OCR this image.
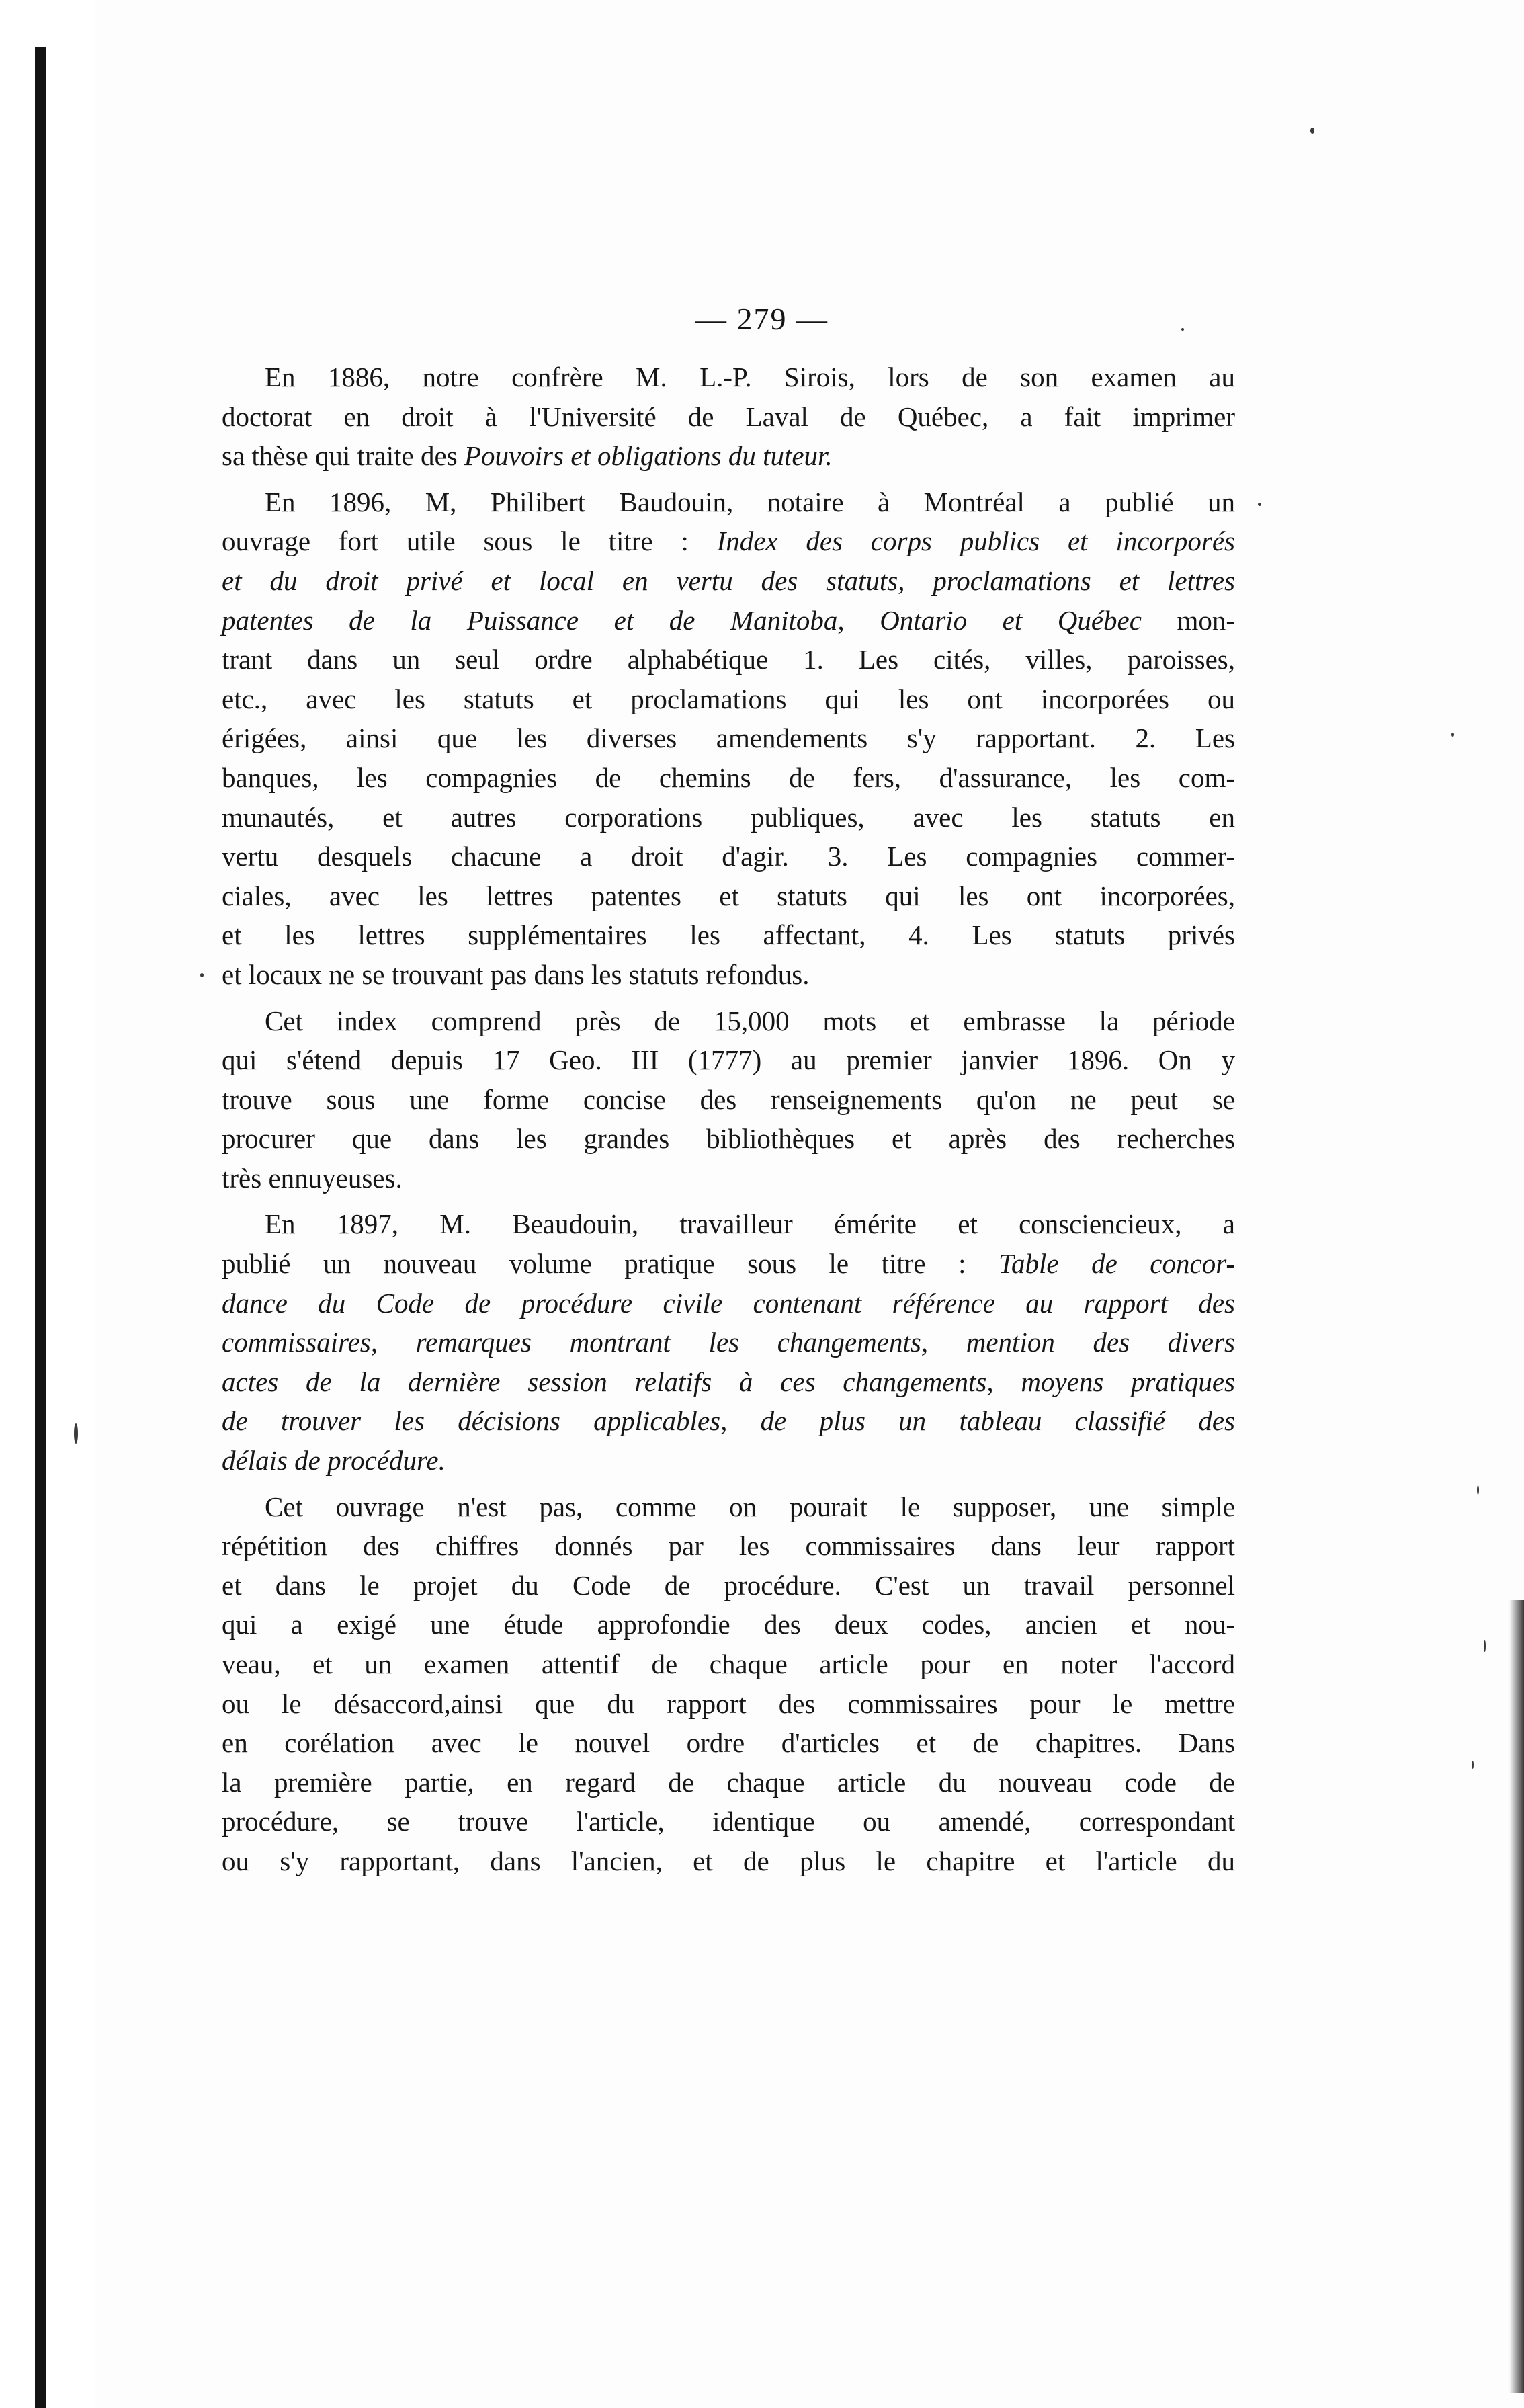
— 279 —
En 1886, notre confrère M. L.-P. Sirois, lors de son examen au
doctorat en droit à l'Université de Laval de Québec, a fait imprimer
sa thèse qui traite des Pouvoirs et obligations du tuteur.
En 1896, M, Philibert Baudouin, notaire à Montréal a publié un
ouvrage fort utile sous le titre : Index des corps publics et incorporés
et du droit privé et local en vertu des statuts, proclamations et lettres
patentes de la Puissance et de Manitoba, Ontario et Québec mon-
trant dans un seul ordre alphabétique 1. Les cités, villes, paroisses,
etc., avec les statuts et proclamations qui les ont incorporées ou
érigées, ainsi que les diverses amendements s'y rapportant. 2. Les
banques, les compagnies de chemins de fers, d'assurance, les com-
munautés, et autres corporations publiques, avec les statuts en
vertu desquels chacune a droit d'agir. 3. Les compagnies commer-
ciales, avec les lettres patentes et statuts qui les ont incorporées,
et les lettres supplémentaires les affectant, 4. Les statuts privés
et locaux ne se trouvant pas dans les statuts refondus.
Cet index comprend près de 15,000 mots et embrasse la période
qui s'étend depuis 17 Geo. III (1777) au premier janvier 1896. On y
trouve sous une forme concise des renseignements qu'on ne peut se
procurer que dans les grandes bibliothèques et après des recherches
très ennuyeuses.
En 1897, M. Beaudouin, travailleur émérite et consciencieux, a
publié un nouveau volume pratique sous le titre : Table de concor-
dance du Code de procédure civile contenant référence au rapport des
commissaires, remarques montrant les changements, mention des divers
actes de la dernière session relatifs à ces changements, moyens pratiques
de trouver les décisions applicables, de plus un tableau classifié des
délais de procédure.
Cet ouvrage n'est pas, comme on pourait le supposer, une simple
répétition des chiffres donnés par les commissaires dans leur rapport
et dans le projet du Code de procédure. C'est un travail personnel
qui a exigé une étude approfondie des deux codes, ancien et nou-
veau, et un examen attentif de chaque article pour en noter l'accord
ou le désaccord,ainsi que du rapport des commissaires pour le mettre
en corélation avec le nouvel ordre d'articles et de chapitres. Dans
la première partie, en regard de chaque article du nouveau code de
procédure, se trouve l'article, identique ou amendé, correspondant
ou s'y rapportant, dans l'ancien, et de plus le chapitre et l'article du
